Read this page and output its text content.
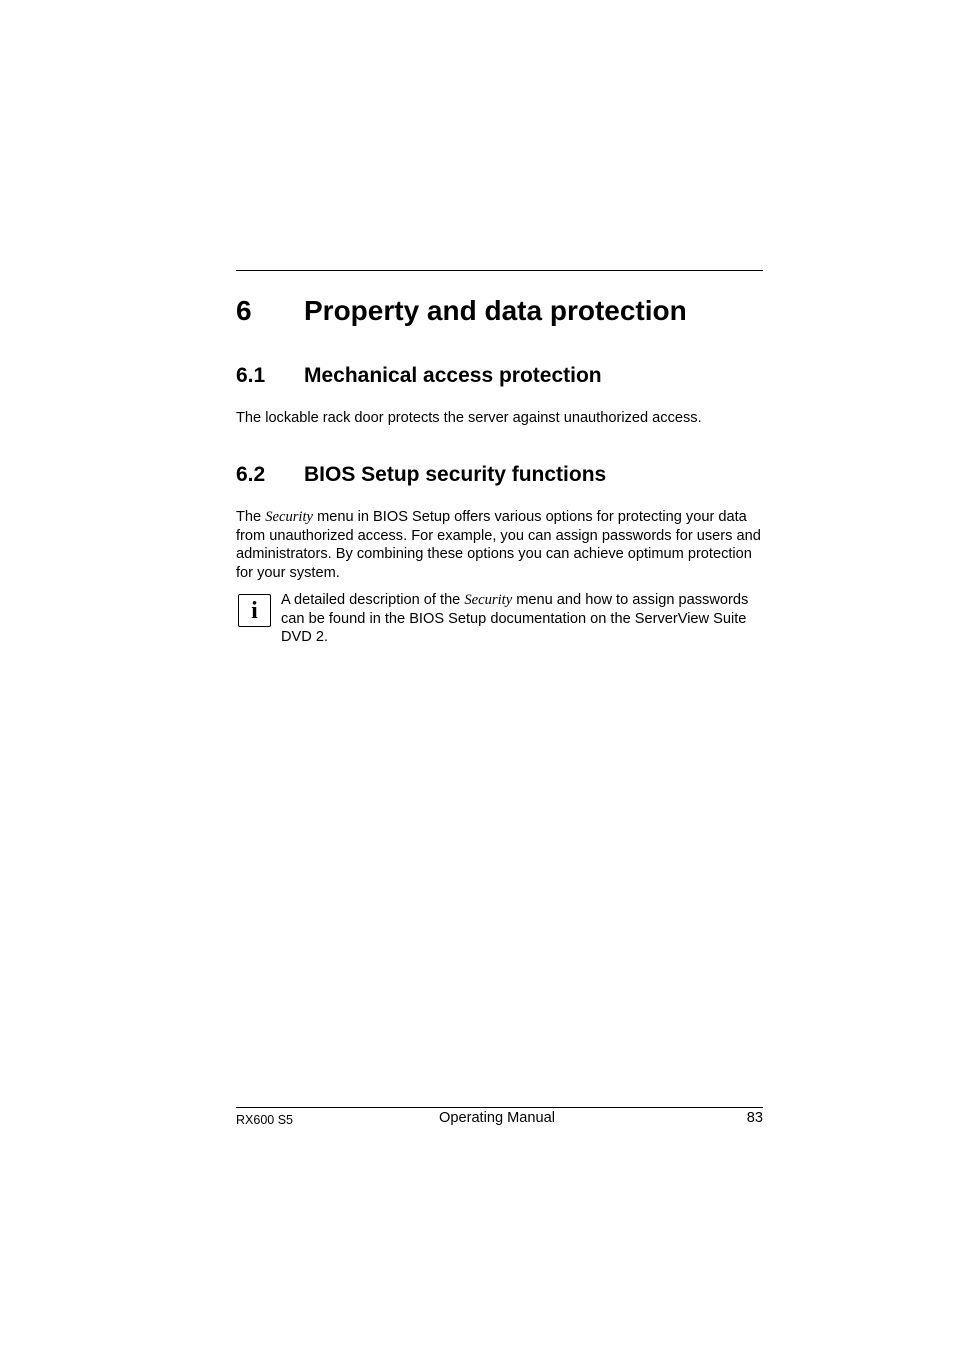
6 Property and data protection
6.1 Mechanical access protection
The lockable rack door protects the server against unauthorized access.
6.2 BIOS Setup security functions
The Security menu in BIOS Setup offers various options for protecting your data from unauthorized access. For example, you can assign passwords for users and administrators. By combining these options you can achieve optimum protection for your system.
i	A detailed description of the Security menu and how to assign passwords can be found in the BIOS Setup documentation on the ServerView Suite DVD 2.
RX600 S5	Operating Manual	83
